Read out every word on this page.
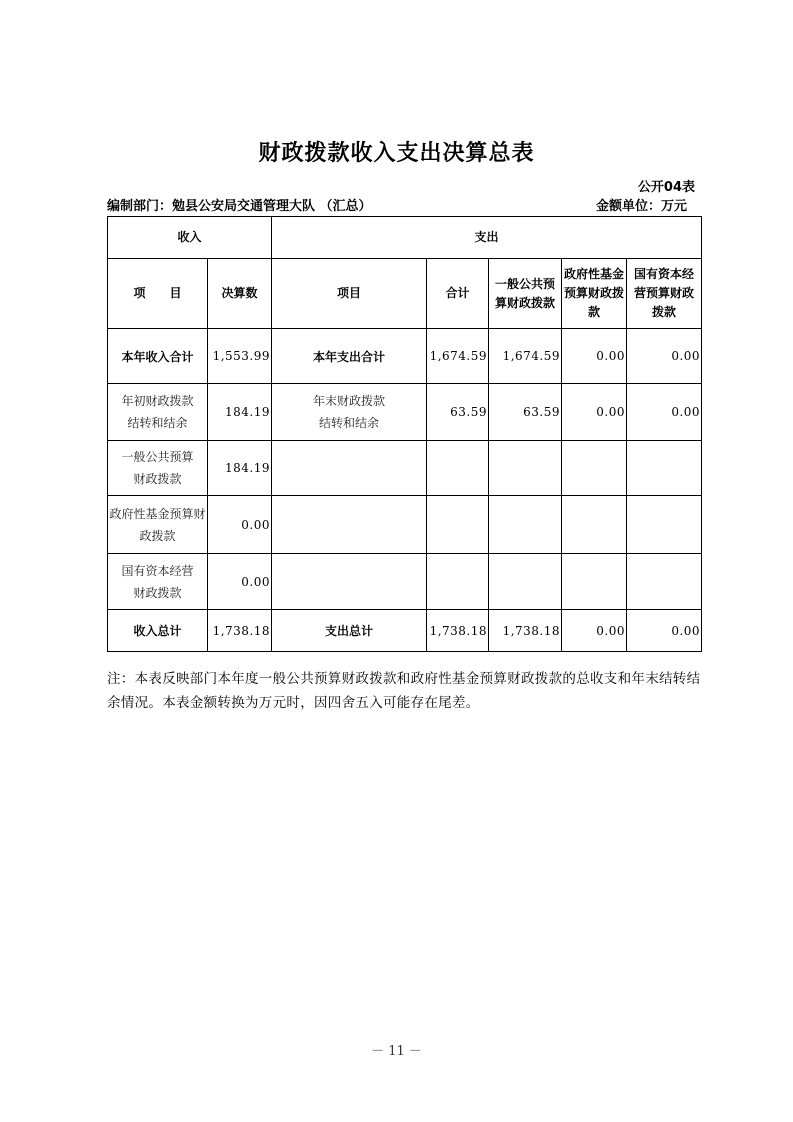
财政拨款收入支出决算总表
公开04表
编制部门：勉县公安局交通管理大队 （汇总）	金额单位：万元
收入		支出				
项　　目	决算数	项目	合计	一般公共预算财政拨款	政府性基金预算财政拨款	国有资本经营预算财政拨款
本年收入合计	1,553.99	本年支出合计	1,674.59	1,674.59	0.00	0.00
年初财政拨款结转和结余	184.19	年末财政拨款结转和结余	63.59	63.59	0.00	0.00
一般公共预算财政拨款	184.19					
政府性基金预算财政拨款	0.00					
国有资本经营财政拨款	0.00					
收入总计	1,738.18	支出总计	1,738.18	1,738.18	0.00	0.00
注：本表反映部门本年度一般公共预算财政拨款和政府性基金预算财政拨款的总收支和年末结转结余情况。本表金额转换为万元时，因四舍五入可能存在尾差。
－ 11 －
